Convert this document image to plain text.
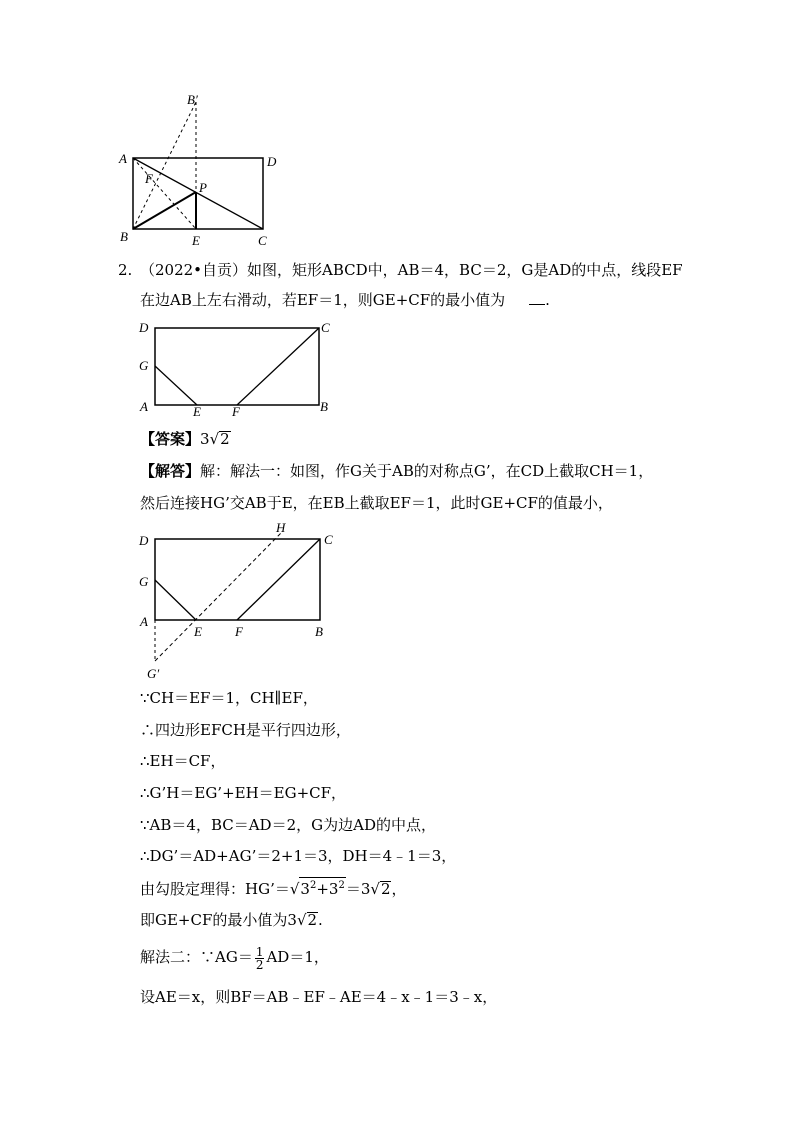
B′
A	D
F
P
B	E	C
2. （2022•自贡）如图，矩形ABCD中，AB＝4，BC＝2，G是AD的中点，线段EF
在边AB上左右滑动，若EF＝1，则GE+CF的最小值为	.
D	C
G
A	E F	B
【答案】3√2
【解答】解：解法一：如图，作G关于AB的对称点G’，在CD上截取CH＝1，
然后连接HG’交AB于E，在EB上截取EF＝1，此时GE+CF的值最小，
D
H
C
G
A
E	F	B
G′
∵CH＝EF＝1，CH∥EF，
∴四边形EFCH是平行四边形，
∴EH＝CF，
∴G’H＝EG’+EH＝EG+CF，
∵AB＝4，BC＝AD＝2，G为边AD的中点，
∴DG’＝AD+AG’＝2+1＝3，DH＝4﹣1＝3，
由勾股定理得：$HG’=√3^2+3^2=3√2$，
即GE+CF的最小值为3√2.
解法二：∵AG＝ $\frac{1}{2} AD=1$，
设AE＝x，则BF＝AB﹣EF﹣AE＝4﹣x﹣1＝3﹣x，
